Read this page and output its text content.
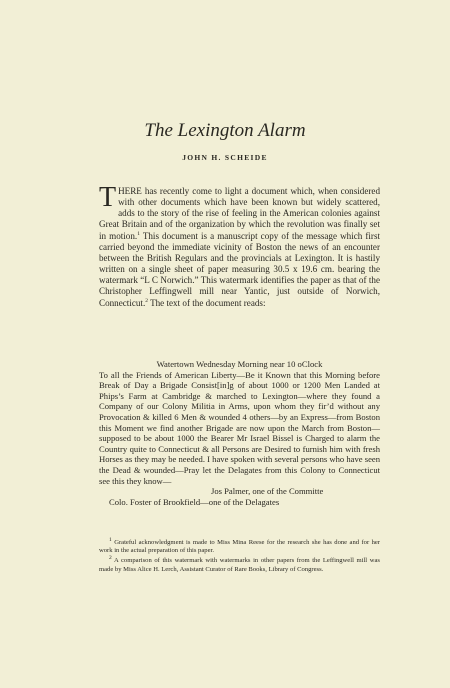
The Lexington Alarm
JOHN H. SCHEIDE

THERE has recently come to light a document which, when considered with other documents which have been known but widely scattered, adds to the story of the rise of feeling in the American colonies against Great Britain and of the organization by which the revolution was finally set in motion.$^1$ This document is a manuscript copy of the message which first carried beyond the immediate vicinity of Boston the news of an encounter between the British Regulars and the provincials at Lexington. It is hastily written on a single sheet of paper measuring 30.5 x 19.6 cm. bearing the watermark “L C Norwich.” This watermark identifies the paper as that of the Christopher Leffingwell mill near Yantic, just outside of Norwich, Connecticut.$^2$ The text of the document reads:

Watertown Wednesday Morning near 10 oClock

To all the Friends of American Liberty—Be it Known that this Morning before Break of Day a Brigade Consist[in]g of about 1000 or 1200 Men Landed at Phips’s Farm at Cambridge & marched to Lexington—where they found a Company of our Colony Militia in Arms, upon whom they fir’d without any Provocation & killed 6 Men & wounded 4 others—by an Express—from Boston this Moment we find another Brigade are now upon the March from Boston—supposed to be about 1000 the Bearer Mr Israel Bissel is Charged to alarm the Country quite to Connecticut & all Persons are Desired to furnish him with fresh Horses as they may be needed. I have spoken with several persons who have seen the Dead & wounded—Pray let the Delagates from this Colony to Connecticut see this they know—

Jos Palmer, one of the Committe
Colo. Foster of Brookfield—one of the Delagates

$^1$ Grateful acknowledgment is made to Miss Mina Reese for the research she has done and for her work in the actual preparation of this paper.

$^2$ A comparison of this watermark with watermarks in other papers from the Leffingwell mill was made by Miss Alice H. Lerch, Assistant Curator of Rare Books, Library of Congress.
